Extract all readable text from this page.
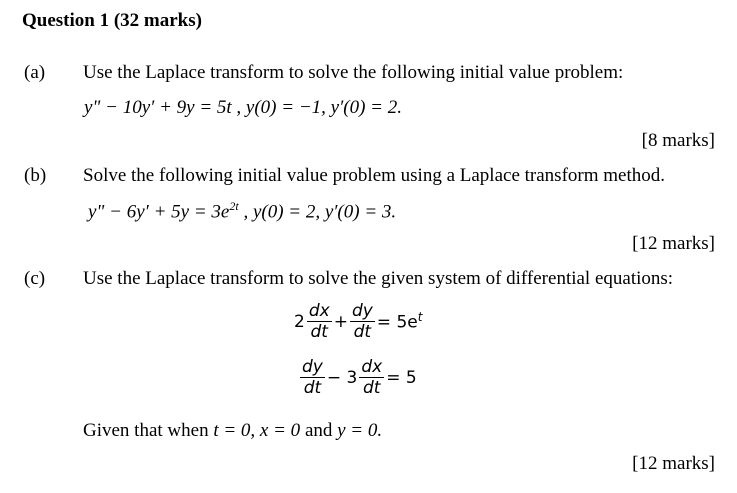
Question 1 (32 marks)
(a) Use the Laplace transform to solve the following initial value problem:
y" − 10y′ + 9y = 5t , y(0) = −1, y′(0) = 2.
[8 marks]
(b) Solve the following initial value problem using a Laplace transform method.
y" − $6y' + 5y = 3e^{2t}$ , y(0) = 2, y′(0) = 3.
[12 marks]
(c) Use the Laplace transform to solve the given system of differential equations:
$2 \frac{dx}{dt} + \frac{dy}{dt} = 5e^t$
$\frac{dy}{dt} - 3 \frac{dx}{dt} = 5$
Given that when t = 0, x = 0 and y = 0.
[12 marks]
